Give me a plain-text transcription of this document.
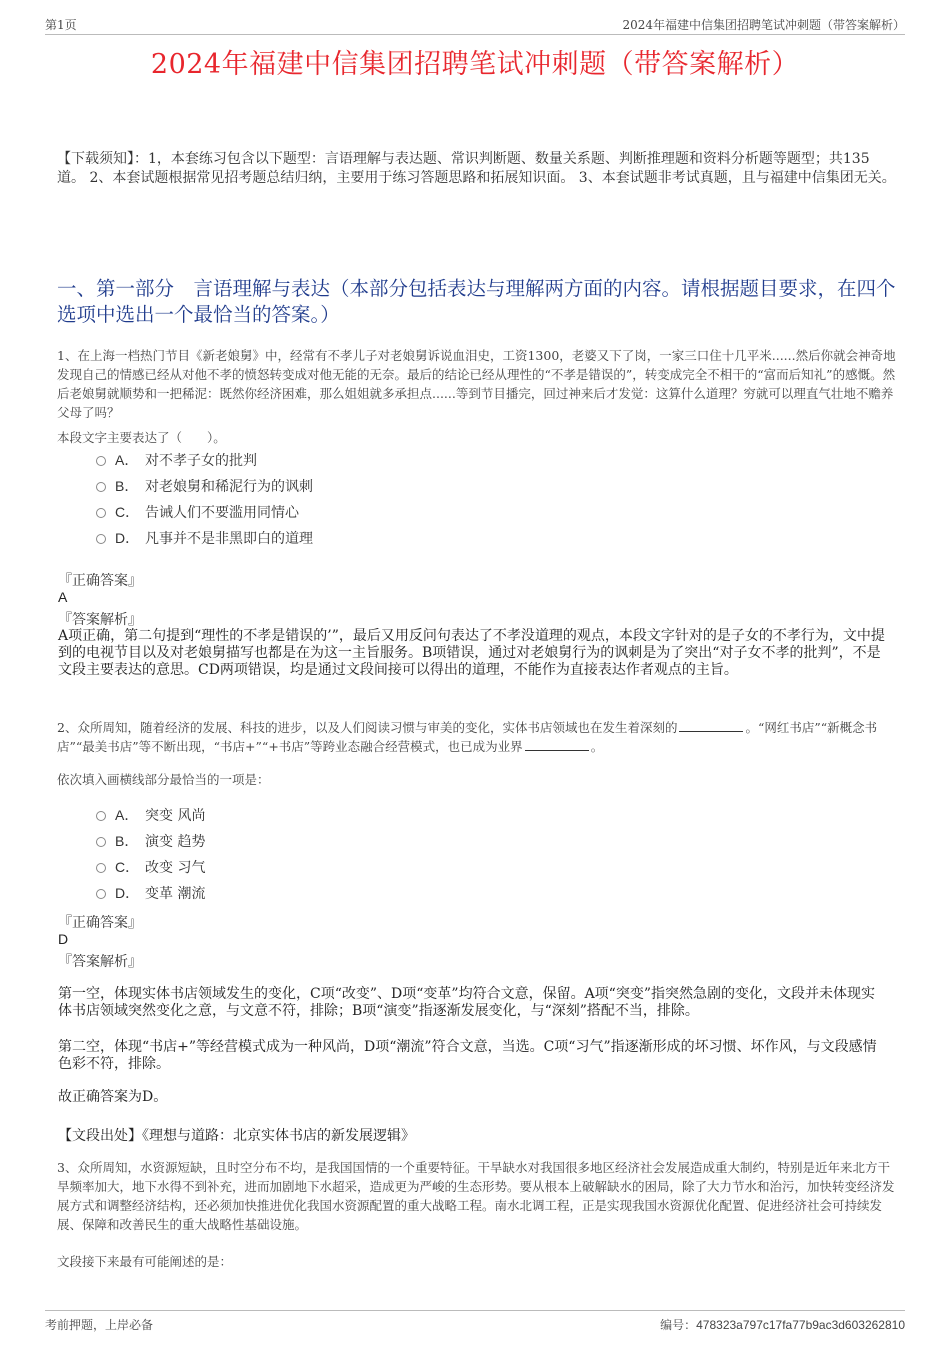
第1页	2024年福建中信集团招聘笔试冲刺题（带答案解析）
2024年福建中信集团招聘笔试冲刺题（带答案解析）
【下载须知】：1，本套练习包含以下题型：言语理解与表达题、常识判断题、数量关系题、判断推理题和资料分析题等题型；共135道。 2、本套试题根据常见招考题总结归纳，主要用于练习答题思路和拓展知识面。 3、本套试题非考试真题，且与福建中信集团无关。
一、第一部分　言语理解与表达（本部分包括表达与理解两方面的内容。请根据题目要求，在四个选项中选出一个最恰当的答案。）
1、在上海一档热门节目《新老娘舅》中，经常有不孝儿子对老娘舅诉说血泪史，工资1300，老婆又下了岗，一家三口住十几平米......然后你就会神奇地发现自己的情感已经从对他不孝的愤怒转变成对他无能的无奈。最后的结论已经从理性的“不孝是错误的”，转变成完全不相干的“富而后知礼”的感慨。然后老娘舅就顺势和一把稀泥：既然你经济困难，那么姐姐就多承担点......等到节目播完，回过神来后才发觉：这算什么道理？穷就可以理直气壮地不赡养父母了吗？
本段文字主要表达了（　　）。
A． 对不孝子女的批判
B． 对老娘舅和稀泥行为的讽刺
C． 告诫人们不要滥用同情心
D． 凡事并不是非黑即白的道理
『正确答案』
A
『答案解析』
A项正确，第二句提到“理性的不孝是错误的’”，最后又用反问句表达了不孝没道理的观点，本段文字针对的是子女的不孝行为，文中提到的电视节目以及对老娘舅描写也都是在为这一主旨服务。B项错误，通过对老娘舅行为的讽刺是为了突出“对子女不孝的批判”，不是文段主要表达的意思。CD两项错误，均是通过文段间接可以得出的道理，不能作为直接表达作者观点的主旨。
2、众所周知，随着经济的发展、科技的进步，以及人们阅读习惯与审美的变化，实体书店领域也在发生着深刻的	。“网红书店”“新概念书店”“最美书店”等不断出现，“书店+”“+书店”等跨业态融合经营模式，也已成为业界	。
依次填入画横线部分最恰当的一项是：
A． 突变 风尚
B． 演变 趋势
C． 改变 习气
D． 变革 潮流
『正确答案』
D
『答案解析』
第一空，体现实体书店领域发生的变化，C项“改变”、D项“变革”均符合文意，保留。A项“突变”指突然急剧的变化，文段并未体现实体书店领域突然变化之意，与文意不符，排除；B项“演变”指逐渐发展变化，与“深刻”搭配不当，排除。
第二空，体现“书店+”等经营模式成为一种风尚，D项“潮流”符合文意，当选。C项“习气”指逐渐形成的坏习惯、坏作风，与文段感情色彩不符，排除。
故正确答案为D。
【文段出处】《理想与道路：北京实体书店的新发展逻辑》
3、众所周知，水资源短缺，且时空分布不均，是我国国情的一个重要特征。干旱缺水对我国很多地区经济社会发展造成重大制约，特别是近年来北方干旱频率加大，地下水得不到补充，进而加剧地下水超采，造成更为严峻的生态形势。要从根本上破解缺水的困局，除了大力节水和治污，加快转变经济发展方式和调整经济结构，还必须加快推进优化我国水资源配置的重大战略工程。南水北调工程，正是实现我国水资源优化配置、促进经济社会可持续发展、保障和改善民生的重大战略性基础设施。
文段接下来最有可能阐述的是：
考前押题，上岸必备	编号：478323a797c17fa77b9ac3d603262810
